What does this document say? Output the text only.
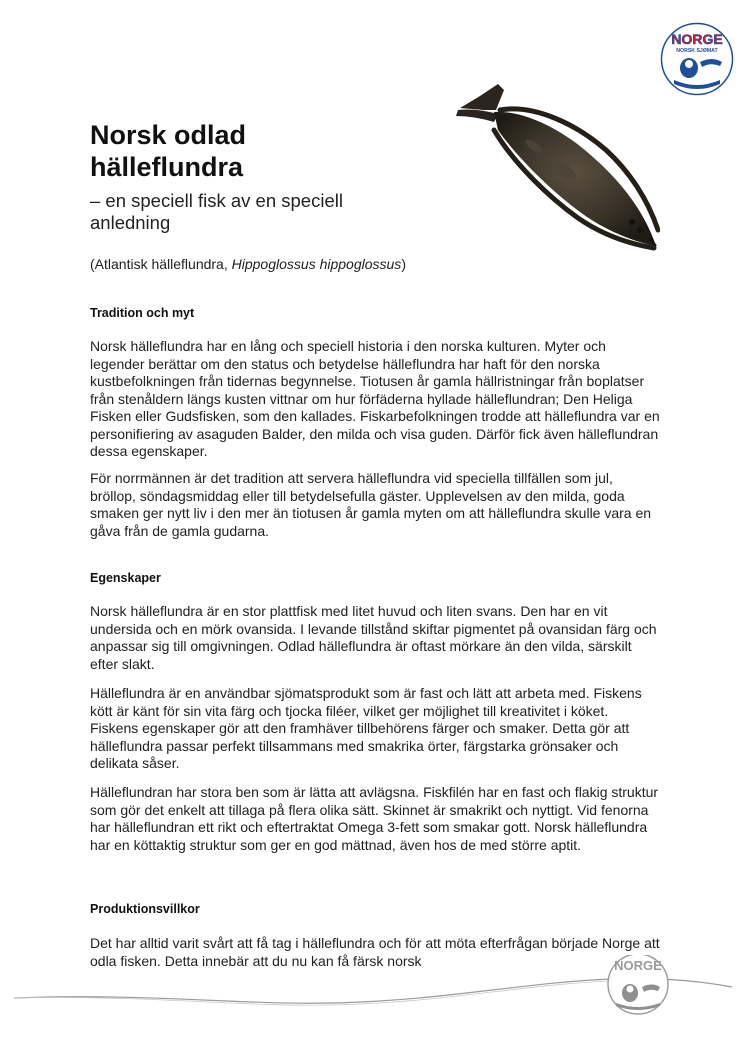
NORGE
NORSK SJØMAT
Norsk odlad
hälleflundra

– en speciell fisk av en speciell anledning

(Atlantisk hälleflundra, Hippoglossus hippoglossus)
Tradition och myt

Norsk hälleflundra har en lång och speciell historia i den norska kulturen. Myter och legender berättar om den status och betydelse hälleflundra har haft för den norska kustbefolkningen från tidernas begynnelse. Tiotusen år gamla hällristningar från boplatser från stenåldern längs kusten vittnar om hur förfäderna hyllade hälleflundran; Den Heliga Fisken eller Gudsfisken, som den kallades. Fiskarbefolkningen trodde att hälleflundra var en personifiering av asaguden Balder, den milda och visa guden. Därför fick även hälleflundran dessa egenskaper.

För norrmännen är det tradition att servera hälleflundra vid speciella tillfällen som jul, bröllop, söndagsmiddag eller till betydelsefulla gäster. Upplevelsen av den milda, goda smaken ger nytt liv i den mer än tiotusen år gamla myten om att hälleflundra skulle vara en gåva från de gamla gudarna.

Egenskaper

Norsk hälleflundra är en stor plattfisk med litet huvud och liten svans. Den har en vit undersida och en mörk ovansida. I levande tillstånd skiftar pigmentet på ovansidan färg och anpassar sig till omgivningen. Odlad hälleflundra är oftast mörkare än den vilda, särskilt efter slakt.

Hälleflundra är en användbar sjömatsprodukt som är fast och lätt att arbeta med. Fiskens kött är känt för sin vita färg och tjocka filéer, vilket ger möjlighet till kreativitet i köket. Fiskens egenskaper gör att den framhäver tillbehörens färger och smaker. Detta gör att hälleflundra passar perfekt tillsammans med smakrika örter, färgstarka grönsaker och delikata såser.

Hälleflundran har stora ben som är lätta att avlägsna. Fiskfilén har en fast och flakig struktur som gör det enkelt att tillaga på flera olika sätt. Skinnet är smakrikt och nyttigt. Vid fenorna har hälleflundran ett rikt och eftertraktat Omega 3-fett som smakar gott. Norsk hälleflundra har en köttaktig struktur som ger en god mättnad, även hos de med större aptit.

Produktionsvillkor

Det har alltid varit svårt att få tag i hälleflundra och för att möta efterfrågan började Norge att odla fisken. Detta innebär att du nu kan få färsk norsk	NORGE
